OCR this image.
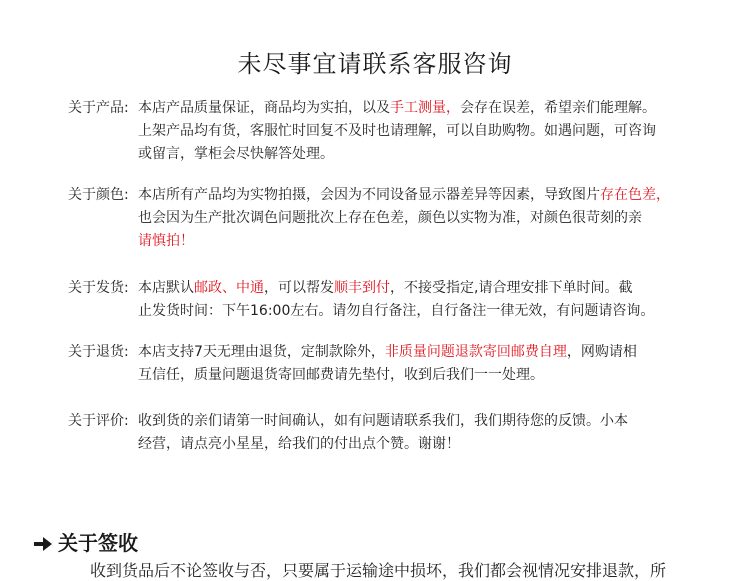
未尽事宜请联系客服咨询
关于产品: 本店产品质量保证，商品均为实拍，以及手工测量，会存在误差，希望亲们能理解。
上架产品均有货，客服忙时回复不及时也请理解，可以自助购物。如遇问题，可咨询
或留言，掌柜会尽快解答处理。
关于颜色: 本店所有产品均为实物拍摄，会因为不同设备显示器差异等因素，导致图片存在色差，
也会因为生产批次调色问题批次上存在色差，颜色以实物为准，对颜色很苛刻的亲
请慎拍！
关于发货: 本店默认邮政、中通，可以帮发顺丰到付，不接受指定,请合理安排下单时间。截
止发货时间：下午16:00左右。请勿自行备注，自行备注一律无效，有问题请咨询。
关于退货: 本店支持7天无理由退货，定制款除外，非质量问题退款寄回邮费自理，网购请相
互信任，质量问题退货寄回邮费请先垫付，收到后我们一一处理。
关于评价: 收到货的亲们请第一时间确认，如有问题请联系我们，我们期待您的反馈。小本
经营，请点亮小星星，给我们的付出点个赞。谢谢！
关于签收
收到货品后不论签收与否，只要属于运输途中损坏，我们都会视情况安排退款，所
